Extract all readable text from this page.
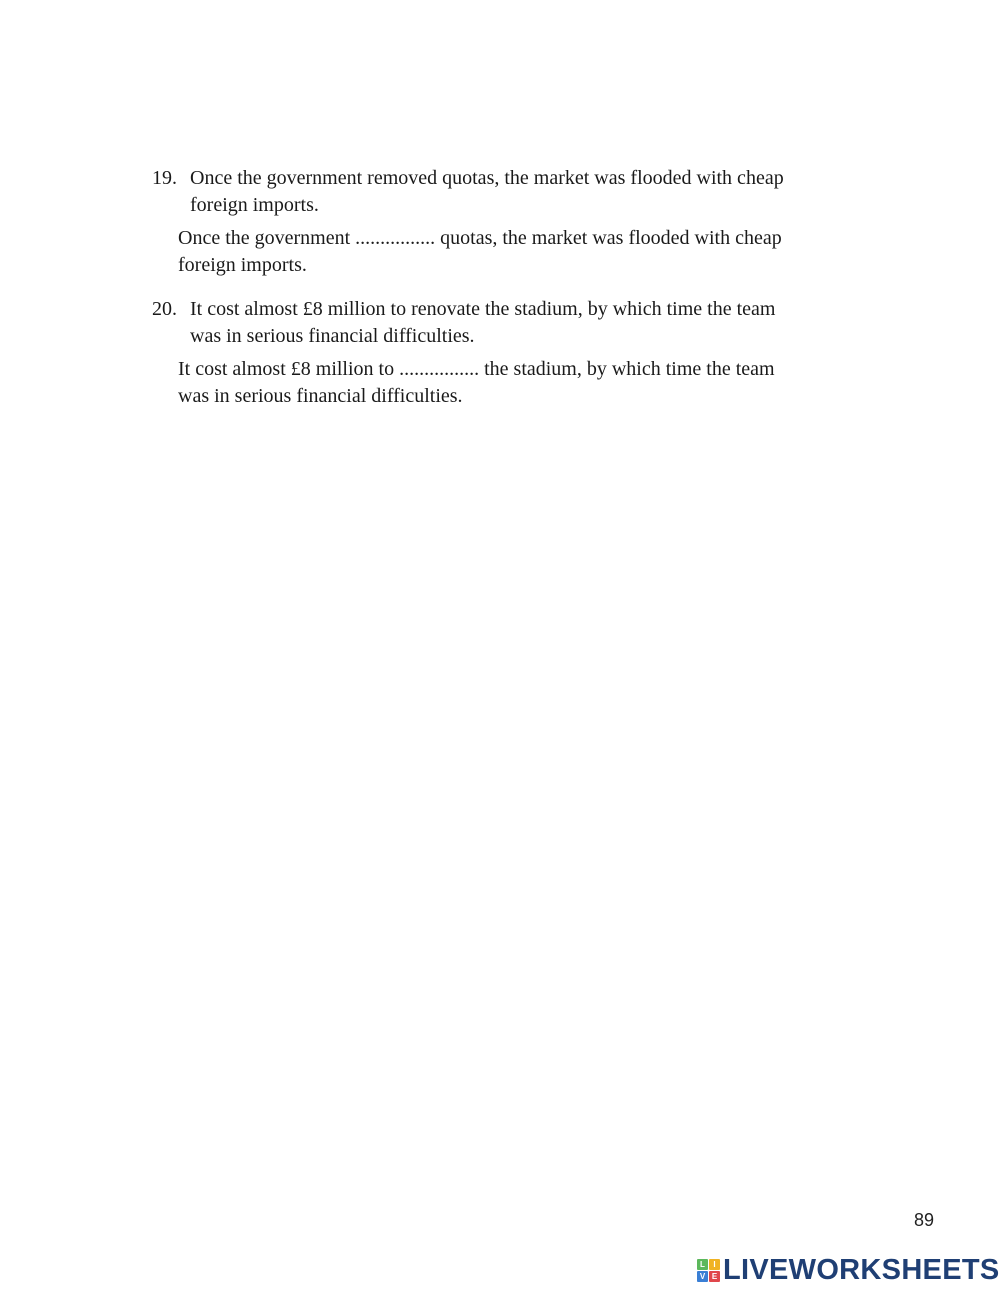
19. Once the government removed quotas, the market was flooded with cheap
foreign imports.
Once the government ................ quotas, the market was flooded with cheap
foreign imports.
20. It cost almost £8 million to renovate the stadium, by which time the team
was in serious financial difficulties.
It cost almost £8 million to ................ the stadium, by which time the team
was in serious financial difficulties.
89
L	I
V E LIVEWORKSHEETS
